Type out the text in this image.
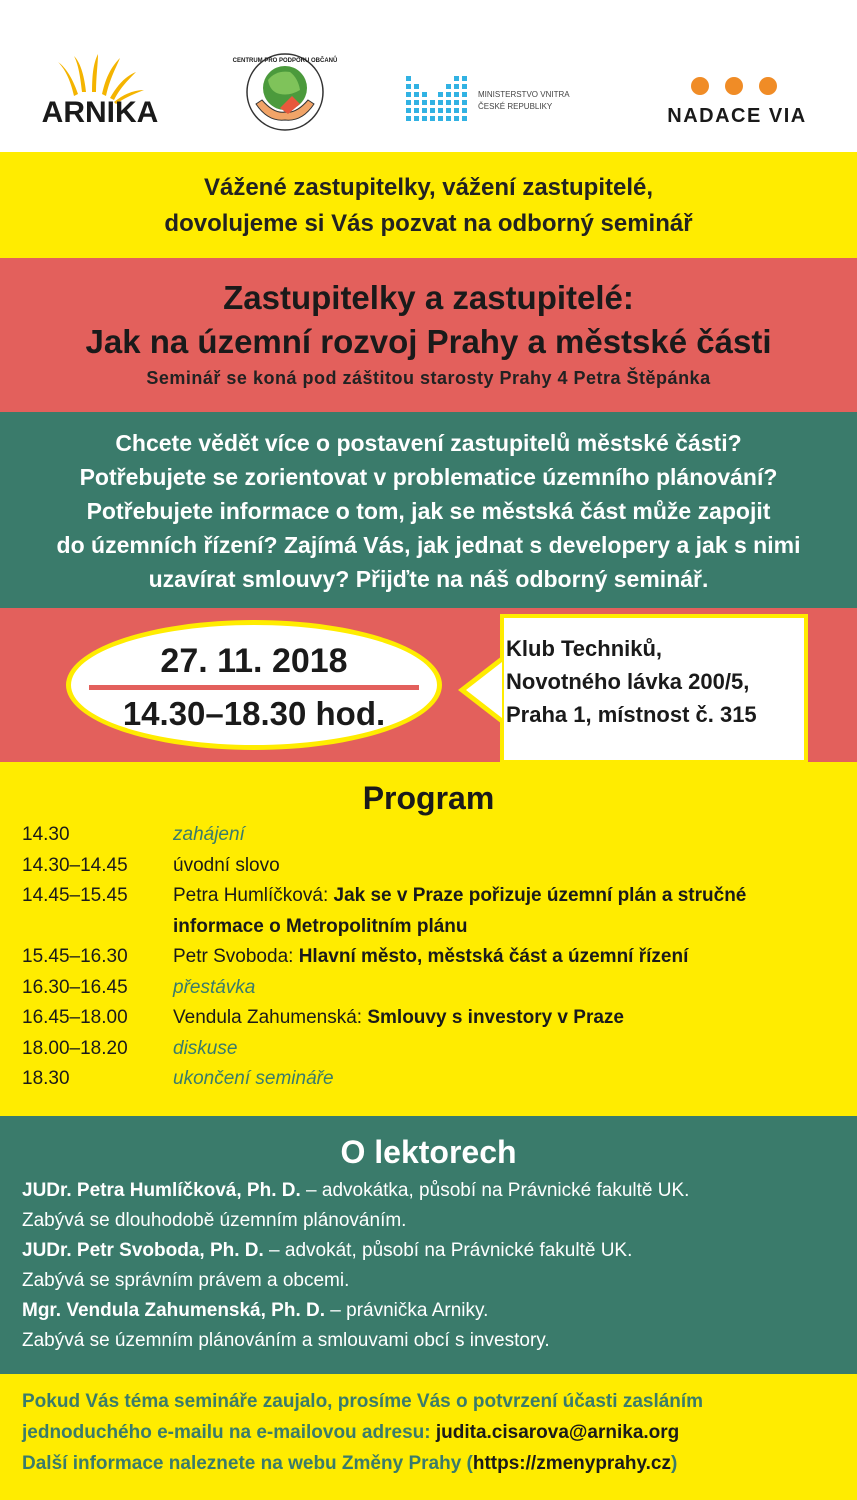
ARNIKA
CENTRUM PRO PODPORU OBČANŮ
MINISTERSTVO VNITRA
ČESKÉ REPUBLIKY	NADACE VIA
Vážené zastupitelky, vážení zastupitelé,
dovolujeme si Vás pozvat na odborný seminář
Zastupitelky a zastupitelé:
Jak na územní rozvoj Prahy a městské části
Seminář se koná pod záštitou starosty Prahy 4 Petra Štěpánka

Chcete vědět více o postavení zastupitelů městské části?
Potřebujete se zorientovat v problematice územního plánování?
Potřebujete informace o tom, jak se městská část může zapojit
do územních řízení? Zajímá Vás, jak jednat s developery a jak s nimi
uzavírat smlouvy? Přijďte na náš odborný seminář.

27. 11. 2018
14.30–18.30 hod.
Klub Techniků,
Novotného lávka 200/5,
Praha 1, místnost č. 315
Program
14.30	zahájení
14.30–14.45	úvodní slovo
14.45–15.45	Petra Humlíčková: Jak se v Praze pořizuje územní plán a stručné
informace o Metropolitním plánu
15.45–16.30	Petr Svoboda: Hlavní město, městská část a územní řízení
16.30–16.45	přestávka
16.45–18.00	Vendula Zahumenská: Smlouvy s investory v Praze
18.00–18.20	diskuse
18.30	ukončení semináře
O lektorech
JUDr. Petra Humlíčková, Ph. D. – advokátka, působí na Právnické fakultě UK.
Zabývá se dlouhodobě územním plánováním.
JUDr. Petr Svoboda, Ph. D. – advokát, působí na Právnické fakultě UK.
Zabývá se správním právem a obcemi.
Mgr. Vendula Zahumenská, Ph. D. – právnička Arniky.
Zabývá se územním plánováním a smlouvami obcí s investory.
Pokud Vás téma semináře zaujalo, prosíme Vás o potvrzení účasti zasláním
jednoduchého e-mailu na e-mailovou adresu: judita.cisarova@arnika.org
Další informace naleznete na webu Změny Prahy (https://zmenyprahy.cz)
